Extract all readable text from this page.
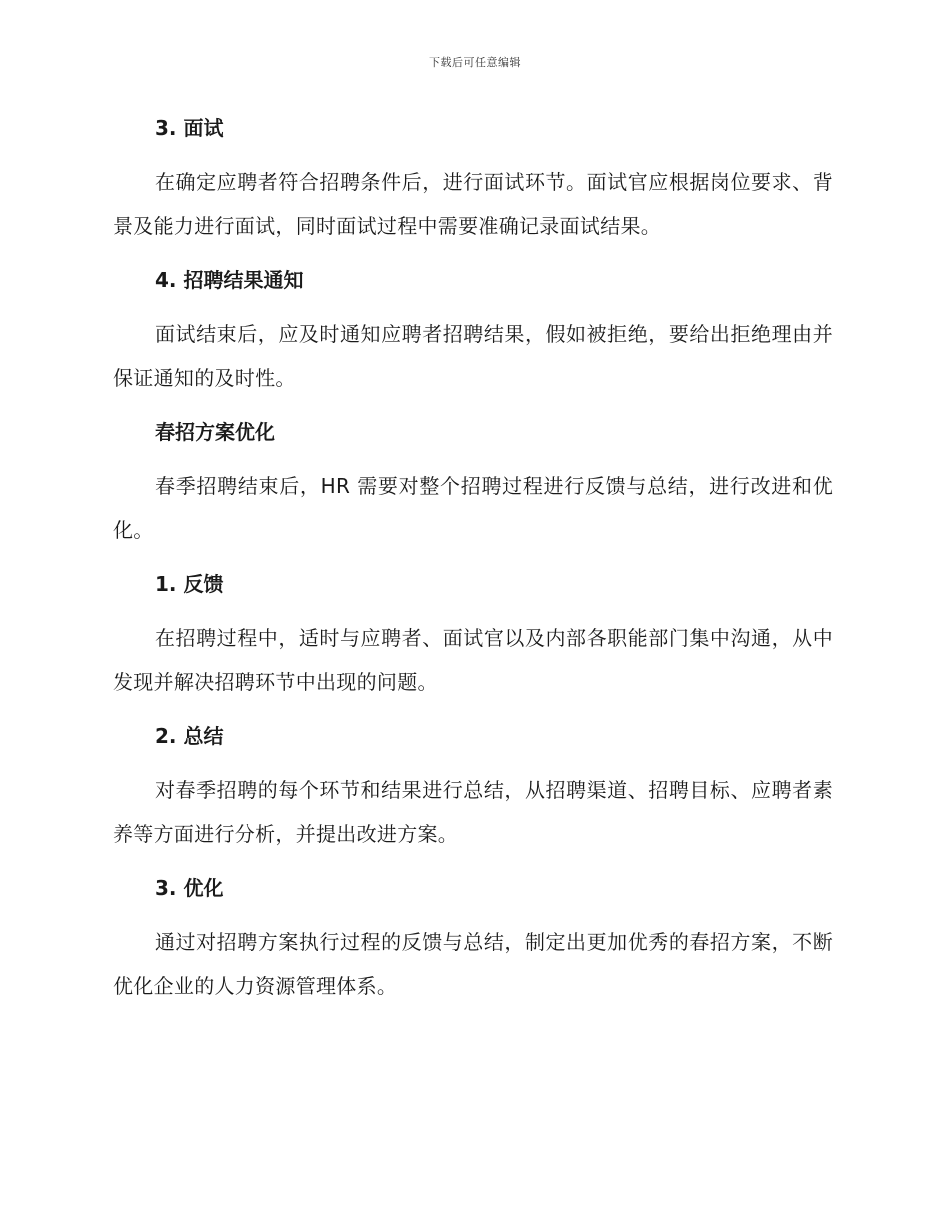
下载后可任意编辑
3. 面试

在确定应聘者符合招聘条件后，进行面试环节。面试官应根据岗位要求、背景及能力进行面试，同时面试过程中需要准确记录面试结果。

4. 招聘结果通知

面试结束后，应及时通知应聘者招聘结果，假如被拒绝，要给出拒绝理由并保证通知的及时性。

春招方案优化

春季招聘结束后，HR 需要对整个招聘过程进行反馈与总结，进行改进和优化。

1. 反馈

在招聘过程中，适时与应聘者、面试官以及内部各职能部门集中沟通，从中发现并解决招聘环节中出现的问题。

2. 总结

对春季招聘的每个环节和结果进行总结，从招聘渠道、招聘目标、应聘者素养等方面进行分析，并提出改进方案。

3. 优化

通过对招聘方案执行过程的反馈与总结，制定出更加优秀的春招方案，不断优化企业的人力资源管理体系。
